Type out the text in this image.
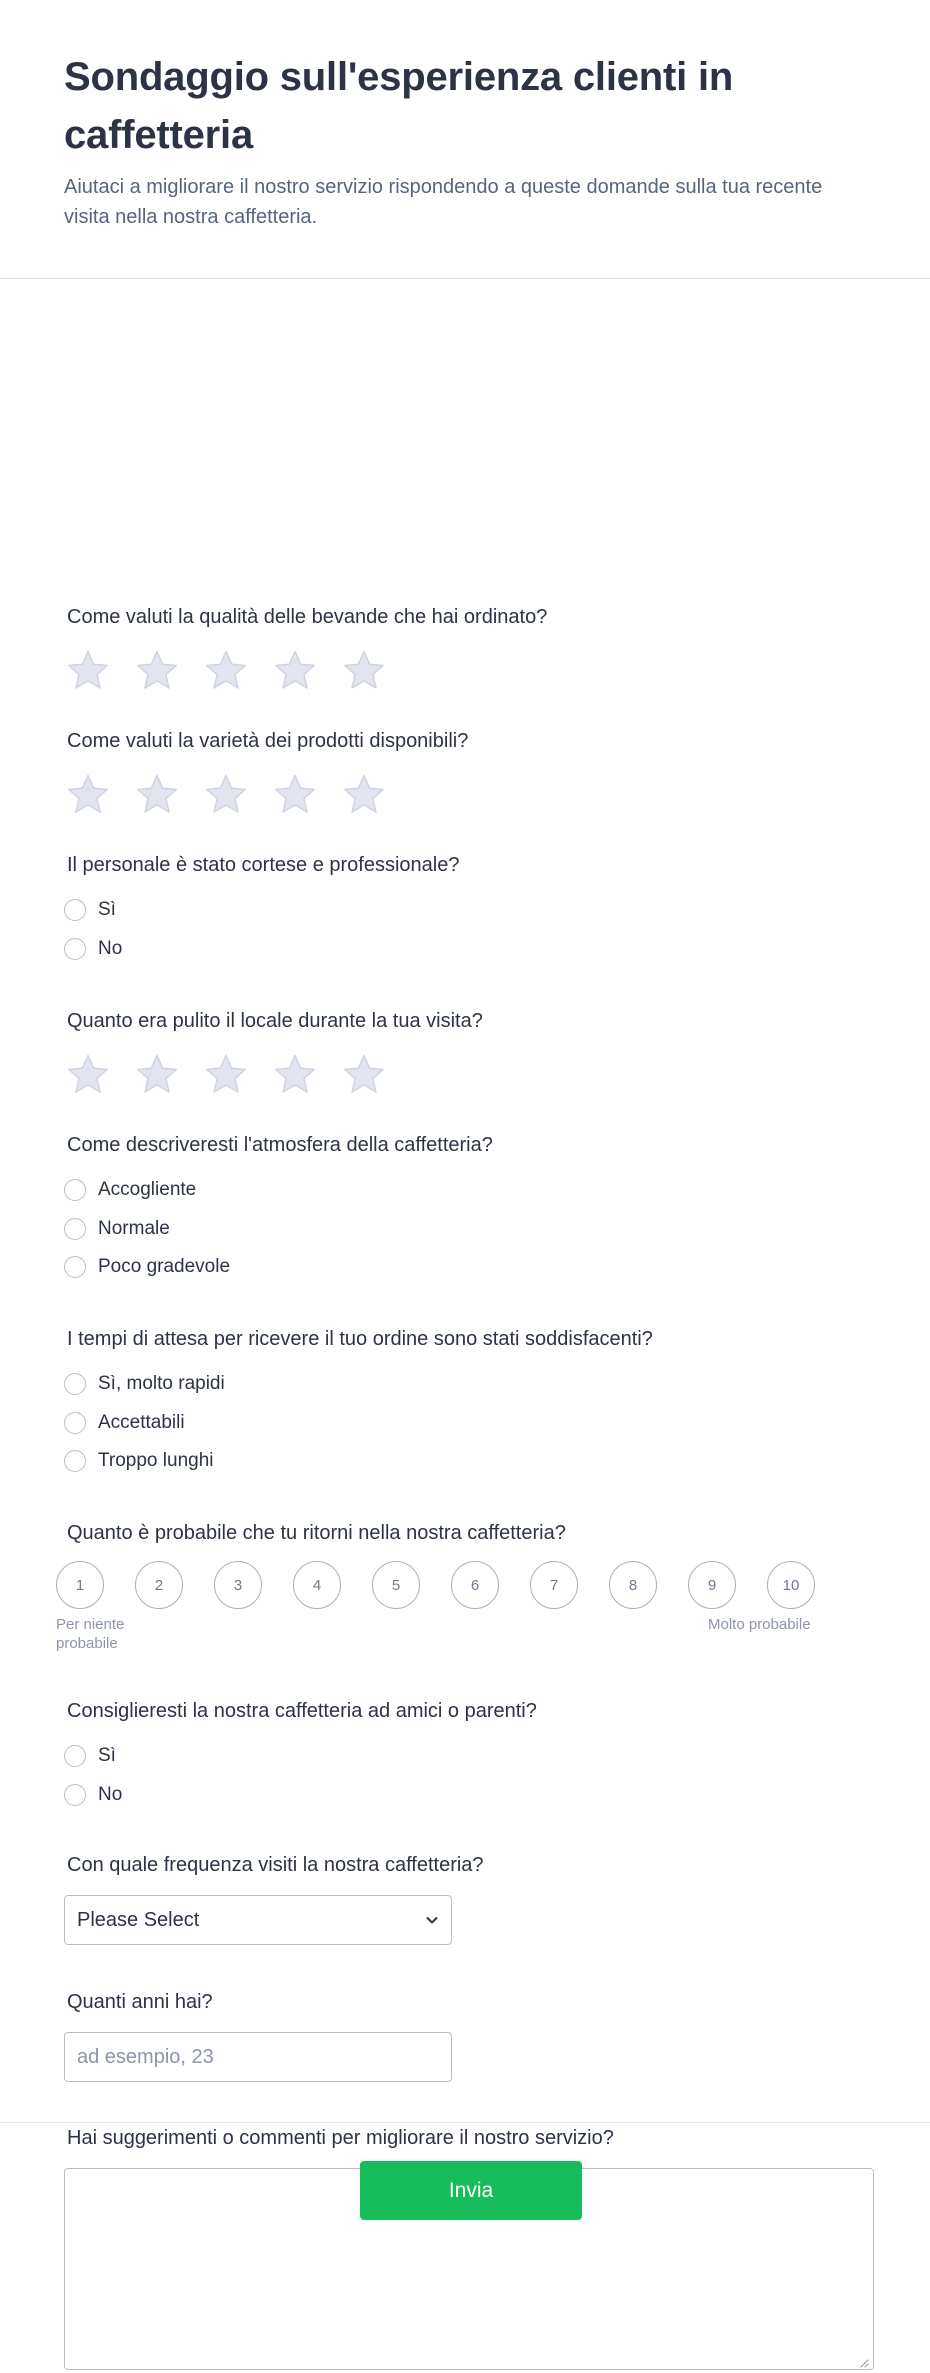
Sondaggio sull'esperienza clienti in caffetteria

Aiutaci a migliorare il nostro servizio rispondendo a queste domande sulla tua recente visita nella nostra caffetteria.

Come valuti la qualità delle bevande che hai ordinato?
Come valuti la varietà dei prodotti disponibili?
Il personale è stato cortese e professionale?
Sì
No
Quanto era pulito il locale durante la tua visita?
Come descriveresti l'atmosfera della caffetteria?
Accogliente
Normale
Poco gradevole
I tempi di attesa per ricevere il tuo ordine sono stati soddisfacenti?
Sì, molto rapidi
Accettabili
Troppo lunghi
Quanto è probabile che tu ritorni nella nostra caffetteria?
1	2	3	4	5	6	7	8	9	10
Per niente probabile
Molto probabile
Consiglieresti la nostra caffetteria ad amici o parenti?
Sì
No
Con quale frequenza visiti la nostra caffetteria?
Please Select
Quanti anni hai?
ad esempio, 23
Hai suggerimenti o commenti per migliorare il nostro servizio?
Invia
